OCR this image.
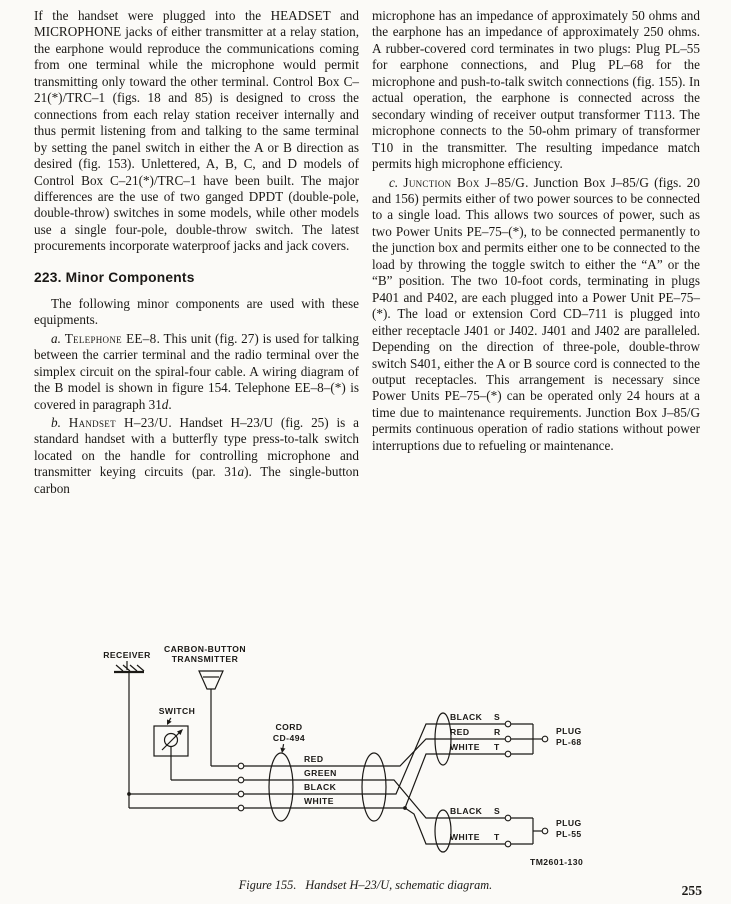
If the handset were plugged into the HEADSET and MICROPHONE jacks of either transmitter at a relay station, the earphone would reproduce the communications coming from one terminal while the microphone would permit transmitting only toward the other terminal. Control Box C–21(*)/TRC–1 (figs. 18 and 85) is designed to cross the connections from each relay station receiver internally and thus permit listening from and talking to the same terminal by setting the panel switch in either the A or B direction as desired (fig. 153). Unlettered, A, B, C, and D models of Control Box C–21(*)/TRC–1 have been built. The major differences are the use of two ganged DPDT (double-pole, double-throw) switches in some models, while other models use a single four-pole, double-throw switch. The latest procurements incorporate waterproof jacks and jack covers.

223. Minor Components

The following minor components are used with these equipments.

a. Telephone EE–8. This unit (fig. 27) is used for talking between the carrier terminal and the radio terminal over the simplex circuit on the spiral-four cable. A wiring diagram of the B model is shown in figure 154. Telephone EE–8–(*) is covered in paragraph 31d.

b. Handset H–23/U. Handset H–23/U (fig. 25) is a standard handset with a butterfly type press-to-talk switch located on the handle for controlling microphone and transmitter keying circuits (par. 31a). The single-button carbon

microphone has an impedance of approximately 50 ohms and the earphone has an impedance of approximately 250 ohms. A rubber-covered cord terminates in two plugs: Plug PL–55 for earphone connections, and Plug PL–68 for the microphone and push-to-talk switch connections (fig. 155). In actual operation, the earphone is connected across the secondary winding of receiver output transformer T113. The microphone connects to the 50-ohm primary of transformer T10 in the transmitter. The resulting impedance match permits high microphone efficiency.

c. Junction Box J–85/G. Junction Box J–85/G (figs. 20 and 156) permits either of two power sources to be connected to a single load. This allows two sources of power, such as two Power Units PE–75–(*), to be connected permanently to the junction box and permits either one to be connected to the load by throwing the toggle switch to either the “A” or the “B” position. The two 10-foot cords, terminating in plugs P401 and P402, are each plugged into a Power Unit PE–75–(*). The load or extension Cord CD–711 is plugged into either receptacle J401 or J402. J401 and J402 are paralleled. Depending on the direction of three-pole, double-throw switch S401, either the A or B source cord is connected to the output receptacles. This arrangement is necessary since Power Units PE–75–(*) can be operated only 24 hours at a time due to maintenance requirements. Junction Box J–85/G permits continuous operation of radio stations without power interruptions due to refueling or maintenance.

RECEIVER
CARBON-BUTTON
TRANSMITTER
SWITCH
CORD
CD-494
RED
GREEN
BLACK
WHITE
BLACK S
RED	R
WHITE T
PLUG
PL-68
BLACK S
WHITE T
PLUG
PL-55
TM2601-130
Figure 155. Handset H–23/U, schematic diagram.	255
